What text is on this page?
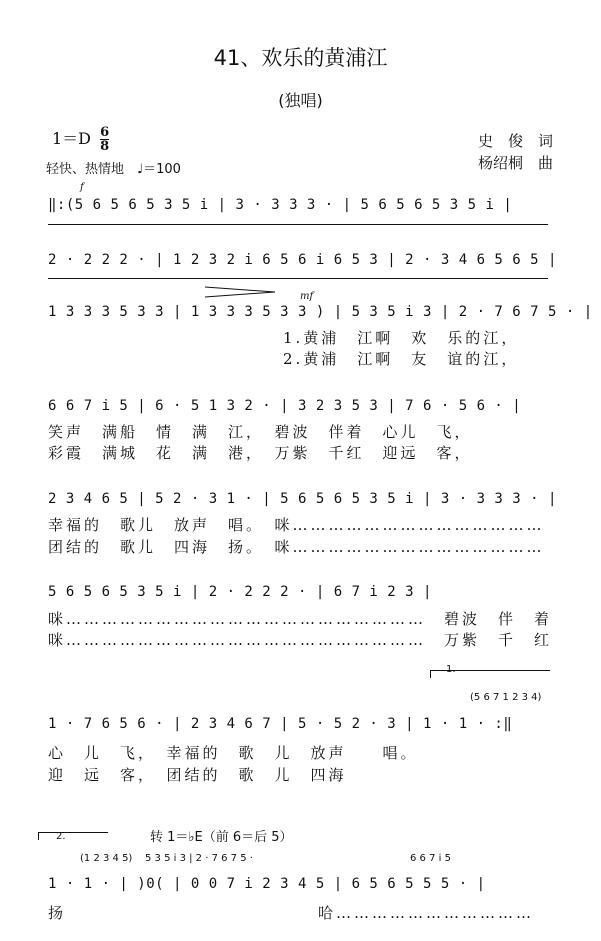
41、欢乐的黄浦江
(独唱)
$1=D \frac{6}{8}$
轻快、热情地　♩＝100
史　俊　词
杨绍桐　曲
f
‖:(5 6 5 6 5 3 5 i | 3 · 3 3 3 · | 5 6 5 6 5 3 5 i |
2 · 2 2 2 · | 1 2 3 2 i 6 5 6 i 6 5 3 | 2 · 3 4 6 5 6 5 |
mf
1 3 3 3 5 3 3 | 1 3 3 3 5 3 3 ) | 5 3 5 i 3 | 2 · 7 6 7 5 · |
1.黄浦　江啊　欢　乐的江，
2.黄浦　江啊　友　谊的江，
6 6 7 i 5 | 6 · 5 1 3 2 · | 3 2 3 5 3 | 7 6 · 5 6 · |
笑声　满船　情　满　江，　碧波　伴着　心儿　飞，
彩霞　满城　花　满　港，　万紫　千红　迎远　客，
2 3 4 6 5 | 5 2 · 3 1 · | 5 6 5 6 5 3 5 i | 3 · 3 3 3 · |
幸福的　歌儿　放声　唱。　咪……………………………………
团结的　歌儿　四海　扬。　咪……………………………………
5 6 5 6 5 3 5 i | 2 · 2 2 2 · | 6 7 i 2 3 |
咪……………………………………………………　碧波　伴　着
咪……………………………………………………　万紫　千　红
1.
(5 6 7 1 2 3 4)
1 · 7 6 5 6 · | 2 3 4 6 7 | 5 · 5 2 · 3 | 1 · 1 · :‖
心　儿　飞，　幸福的　歌　儿　放声　　唱。
迎　远　客，　团结的　歌　儿　四海
2.	转 1＝♭E（前 6＝后 5）
(1 2 3 4 5) 5 3 5 i 3 | 2 · 7 6 7 5 ·	6 6 7 i 5
1 · 1 · | )0( | 0 0 7 i 2 3 4 5 | 6 5 6 5 5 5 · |
扬　　　　　　　　　　　　　　哈……………………………
